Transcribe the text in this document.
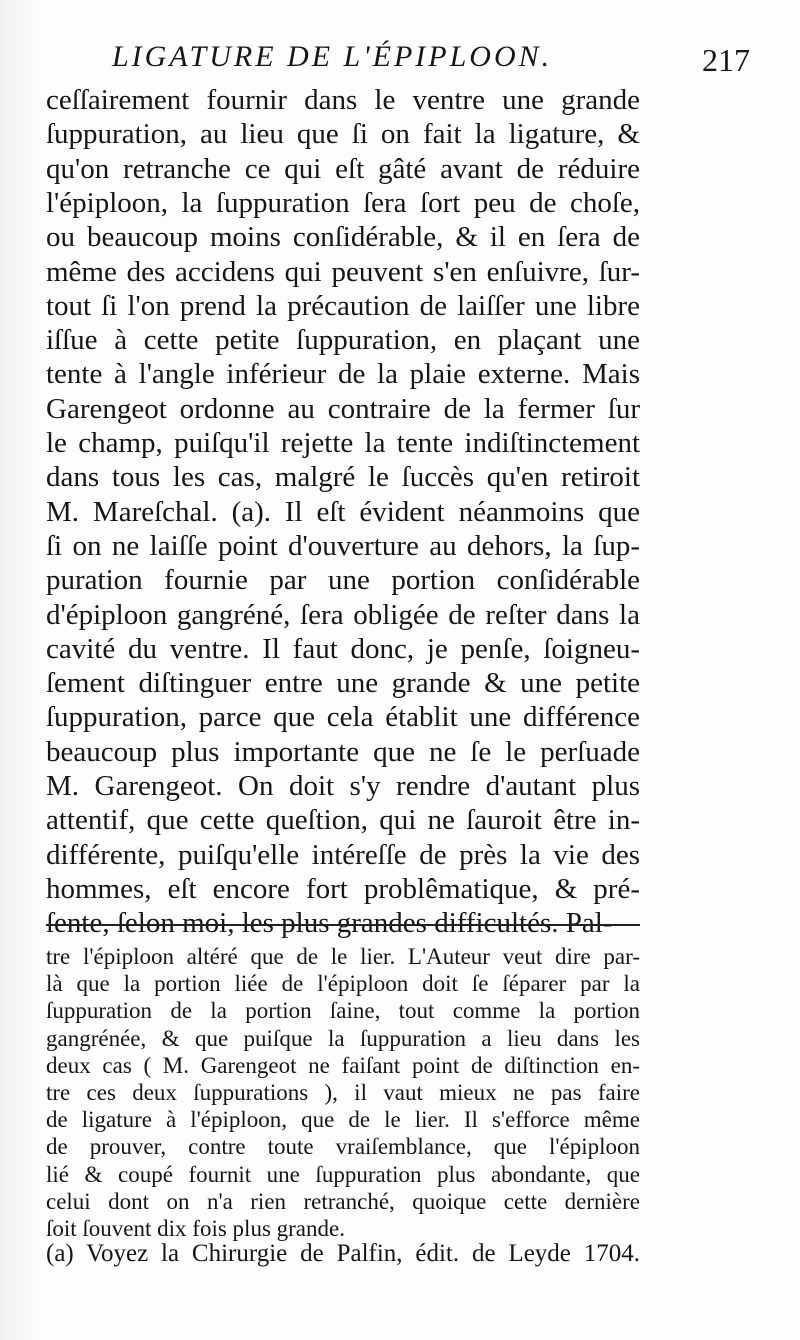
LIGATURE DE L'ÉPIPLOON.	217
ceſſairement fournir dans le ventre une grande
ſuppuration, au lieu que ſi on fait la ligature, &
qu'on retranche ce qui eſt gâté avant de réduire
l'épiploon, la ſuppuration ſera ſort peu de choſe,
ou beaucoup moins conſidérable, & il en ſera de
même des accidens qui peuvent s'en enſuivre, ſur-
tout ſi l'on prend la précaution de laiſſer une libre
iſſue à cette petite ſuppuration, en plaçant une
tente à l'angle inférieur de la plaie externe. Mais
Garengeot ordonne au contraire de la fermer ſur
le champ, puiſqu'il rejette la tente indiſtinctement
dans tous les cas, malgré le ſuccès qu'en retiroit
M. Mareſchal. (a). Il eſt évident néanmoins que
ſi on ne laiſſe point d'ouverture au dehors, la ſup-
puration fournie par une portion conſidérable
d'épiploon gangréné, ſera obligée de reſter dans la
cavité du ventre. Il faut donc, je penſe, ſoigneu-
ſement diſtinguer entre une grande & une petite
ſuppuration, parce que cela établit une différence
beaucoup plus importante que ne ſe le perſuade
M. Garengeot. On doit s'y rendre d'autant plus
attentif, que cette queſtion, qui ne ſauroit être in-
différente, puiſqu'elle intéreſſe de près la vie des
hommes, eſt encore fort problêmatique, & pré-
ſente, ſelon moi, les plus grandes difficultés. Pal-
tre l'épiploon altéré que de le lier. L'Auteur veut dire par-
là que la portion liée de l'épiploon doit ſe ſéparer par la
ſuppuration de la portion ſaine, tout comme la portion
gangrénée, & que puiſque la ſuppuration a lieu dans les
deux cas ( M. Garengeot ne faiſant point de diſtinction en-
tre ces deux ſuppurations ), il vaut mieux ne pas faire
de ligature à l'épiploon, que de le lier. Il s'efforce même
de prouver, contre toute vraiſemblance, que l'épiploon
lié & coupé fournit une ſuppuration plus abondante, que
celui dont on n'a rien retranché, quoique cette dernière
ſoit ſouvent dix fois plus grande.
(a) Voyez la Chirurgie de Palfin, édit. de Leyde 1704.
